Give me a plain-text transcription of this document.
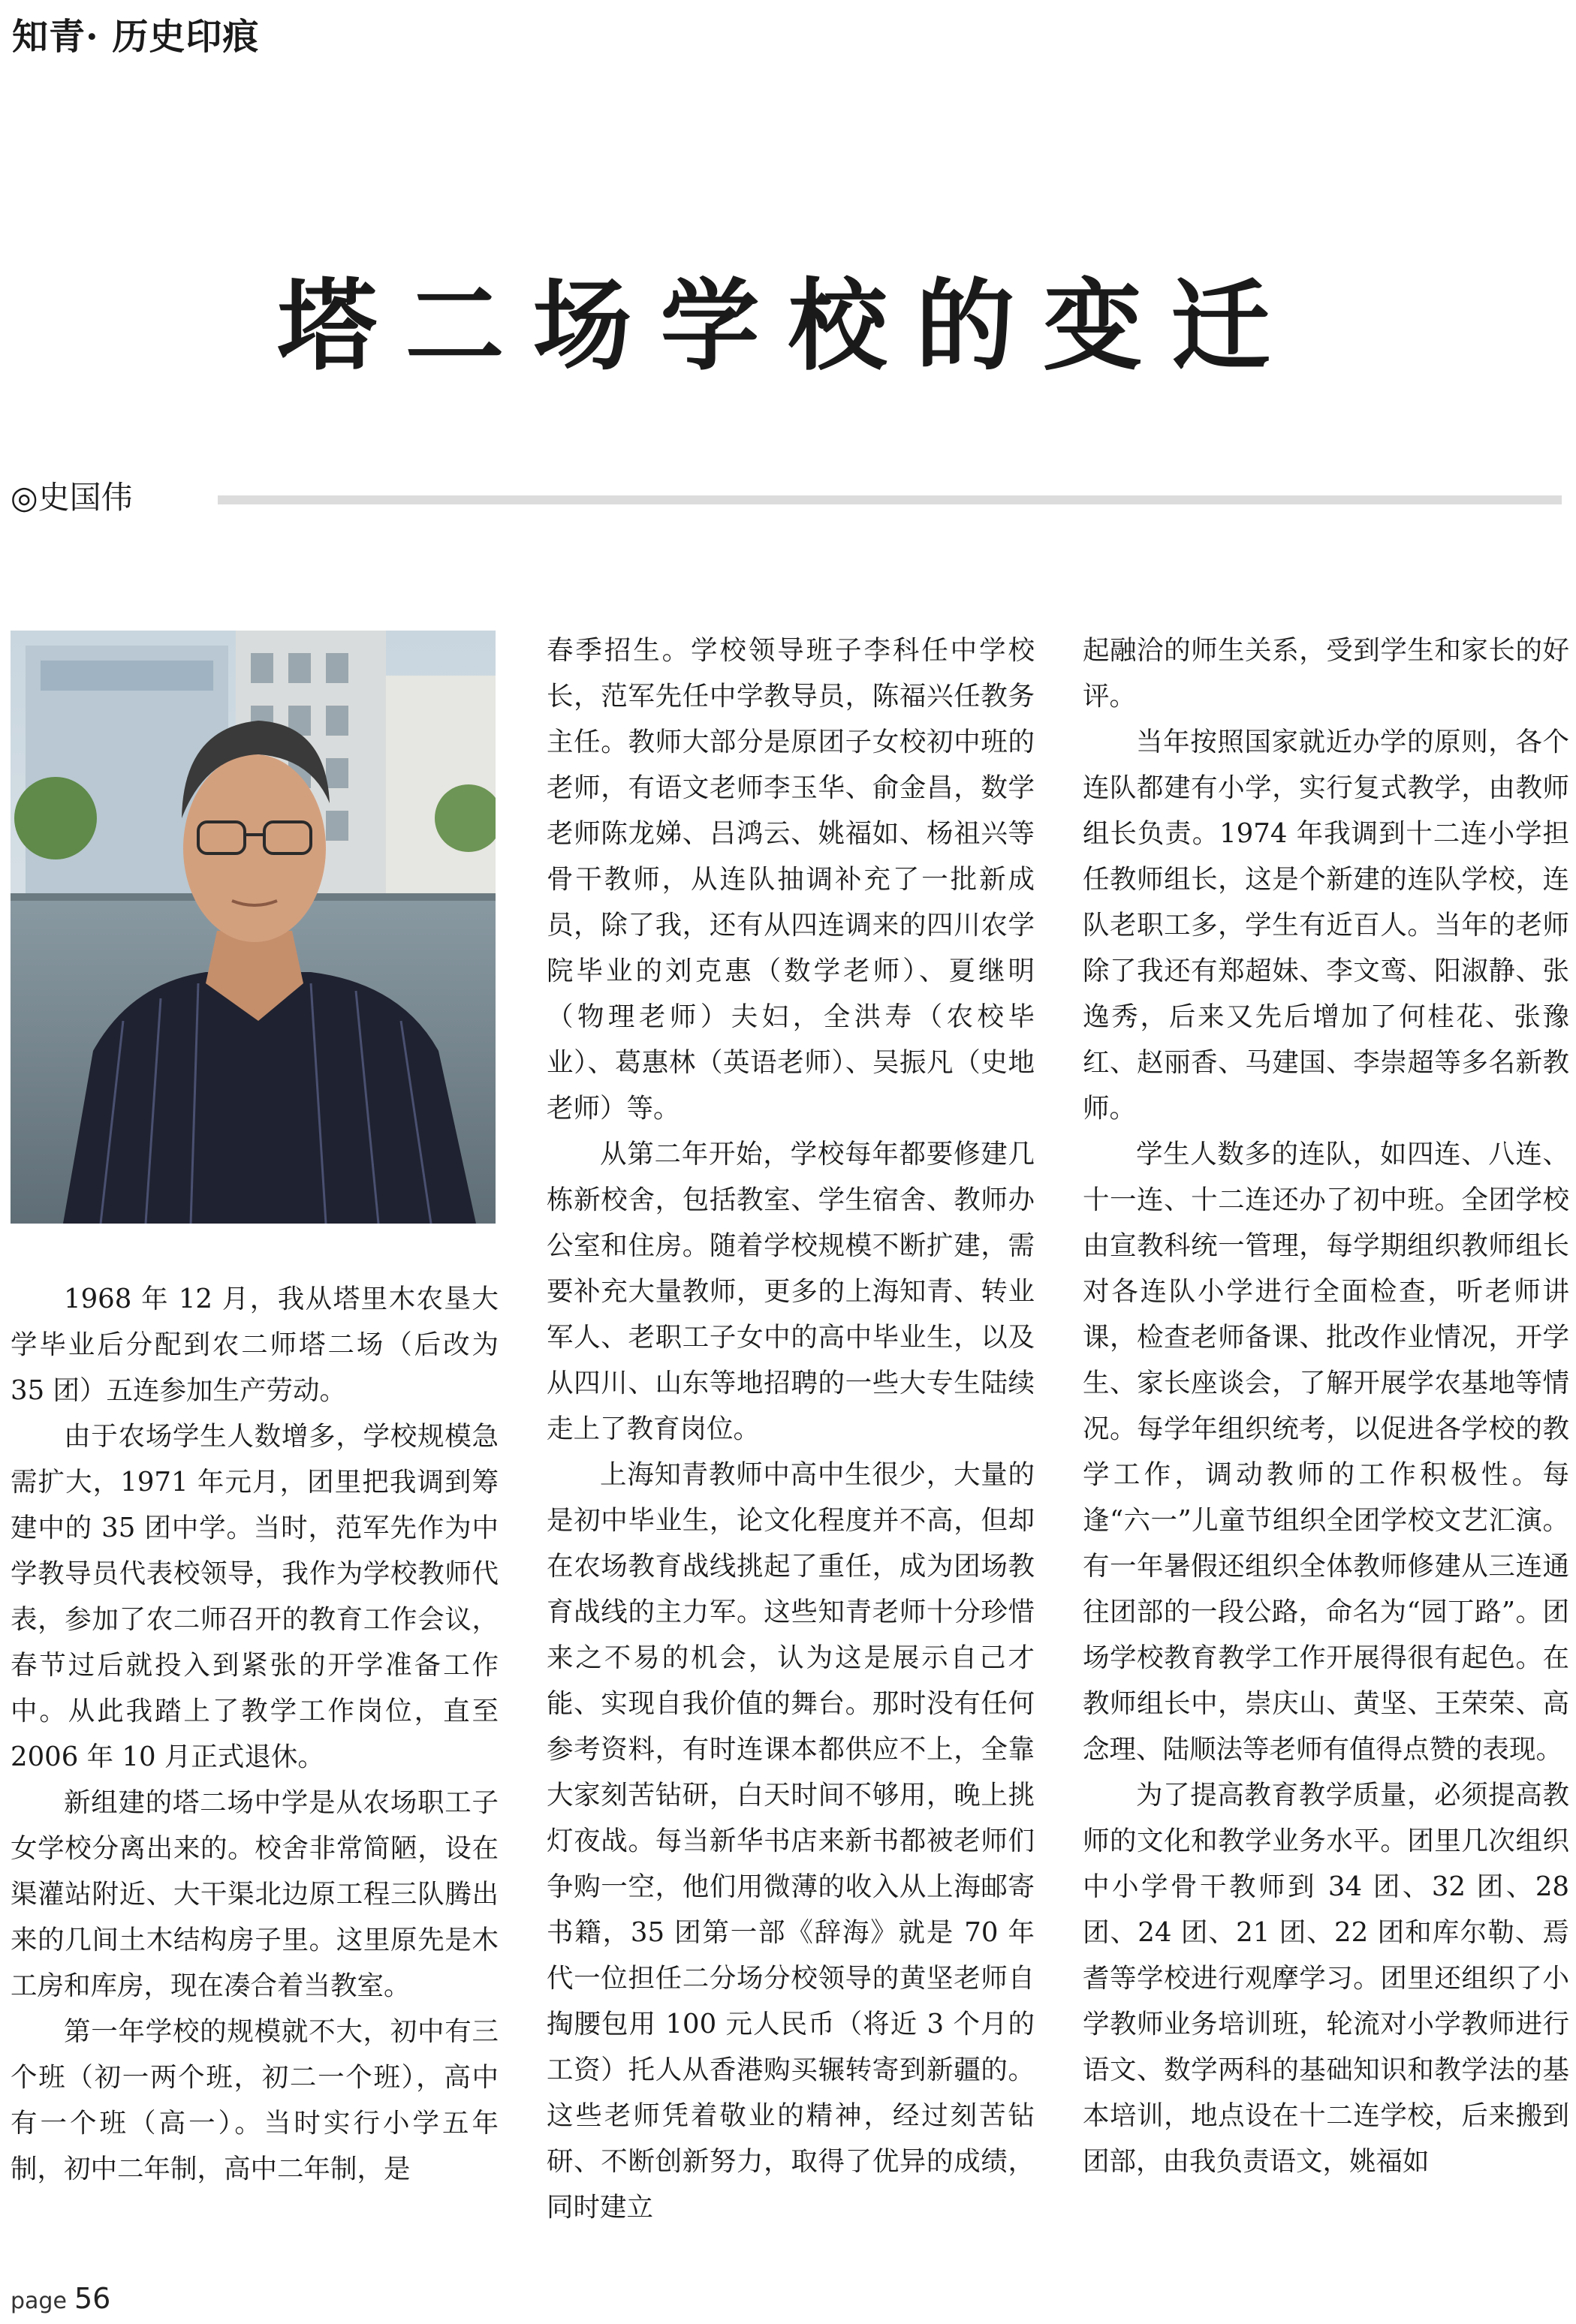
知青· 历史印痕
塔二场学校的变迁
◎史国伟

1968 年 12 月，我从塔里木农垦大学毕业后分配到农二师塔二场（后改为 35 团）五连参加生产劳动。

由于农场学生人数增多，学校规模急需扩大，1971 年元月，团里把我调到筹建中的 35 团中学。当时，范军先作为中学教导员代表校领导，我作为学校教师代表，参加了农二师召开的教育工作会议，春节过后就投入到紧张的开学准备工作中。从此我踏上了教学工作岗位，直至 2006 年 10 月正式退休。

新组建的塔二场中学是从农场职工子女学校分离出来的。校舍非常简陋，设在渠灌站附近、大干渠北边原工程三队腾出来的几间土木结构房子里。这里原先是木工房和库房，现在凑合着当教室。

第一年学校的规模就不大，初中有三个班（初一两个班，初二一个班），高中有一个班（高一）。当时实行小学五年制，初中二年制，高中二年制，是

春季招生。学校领导班子李科任中学校长，范军先任中学教导员，陈福兴任教务主任。教师大部分是原团子女校初中班的老师，有语文老师李玉华、俞金昌，数学老师陈龙娣、吕鸿云、姚福如、杨祖兴等骨干教师，从连队抽调补充了一批新成员，除了我，还有从四连调来的四川农学院毕业的刘克惠（数学老师）、夏继明（物理老师）夫妇，全洪寿（农校毕业）、葛惠林（英语老师）、吴振凡（史地老师）等。

从第二年开始，学校每年都要修建几栋新校舍，包括教室、学生宿舍、教师办公室和住房。随着学校规模不断扩建，需要补充大量教师，更多的上海知青、转业军人、老职工子女中的高中毕业生，以及从四川、山东等地招聘的一些大专生陆续走上了教育岗位。

上海知青教师中高中生很少，大量的是初中毕业生，论文化程度并不高，但却在农场教育战线挑起了重任，成为团场教育战线的主力军。这些知青老师十分珍惜来之不易的机会，认为这是展示自己才能、实现自我价值的舞台。那时没有任何参考资料，有时连课本都供应不上，全靠大家刻苦钻研，白天时间不够用，晚上挑灯夜战。每当新华书店来新书都被老师们争购一空，他们用微薄的收入从上海邮寄书籍，35 团第一部《辞海》就是 70 年代一位担任二分场分校领导的黄坚老师自掏腰包用 100 元人民币（将近 3 个月的工资）托人从香港购买辗转寄到新疆的。这些老师凭着敬业的精神，经过刻苦钻研、不断创新努力，取得了优异的成绩，同时建立

起融洽的师生关系，受到学生和家长的好评。

当年按照国家就近办学的原则，各个连队都建有小学，实行复式教学，由教师组长负责。1974 年我调到十二连小学担任教师组长，这是个新建的连队学校，连队老职工多，学生有近百人。当年的老师除了我还有郑超妹、李文鸾、阳淑静、张逸秀，后来又先后增加了何桂花、张豫红、赵丽香、马建国、李崇超等多名新教师。

学生人数多的连队，如四连、八连、十一连、十二连还办了初中班。全团学校由宣教科统一管理，每学期组织教师组长对各连队小学进行全面检查，听老师讲课，检查老师备课、批改作业情况，开学生、家长座谈会，了解开展学农基地等情况。每学年组织统考，以促进各学校的教学工作，调动教师的工作积极性。每逢“六一”儿童节组织全团学校文艺汇演。有一年暑假还组织全体教师修建从三连通往团部的一段公路，命名为“园丁路”。团场学校教育教学工作开展得很有起色。在教师组长中，崇庆山、黄坚、王荣荣、高念理、陆顺法等老师有值得点赞的表现。

为了提高教育教学质量，必须提高教师的文化和教学业务水平。团里几次组织中小学骨干教师到 34 团、32 团、28 团、24 团、21 团、22 团和库尔勒、焉耆等学校进行观摩学习。团里还组织了小学教师业务培训班，轮流对小学教师进行语文、数学两科的基础知识和教学法的基本培训，地点设在十二连学校，后来搬到团部，由我负责语文，姚福如

page 56
